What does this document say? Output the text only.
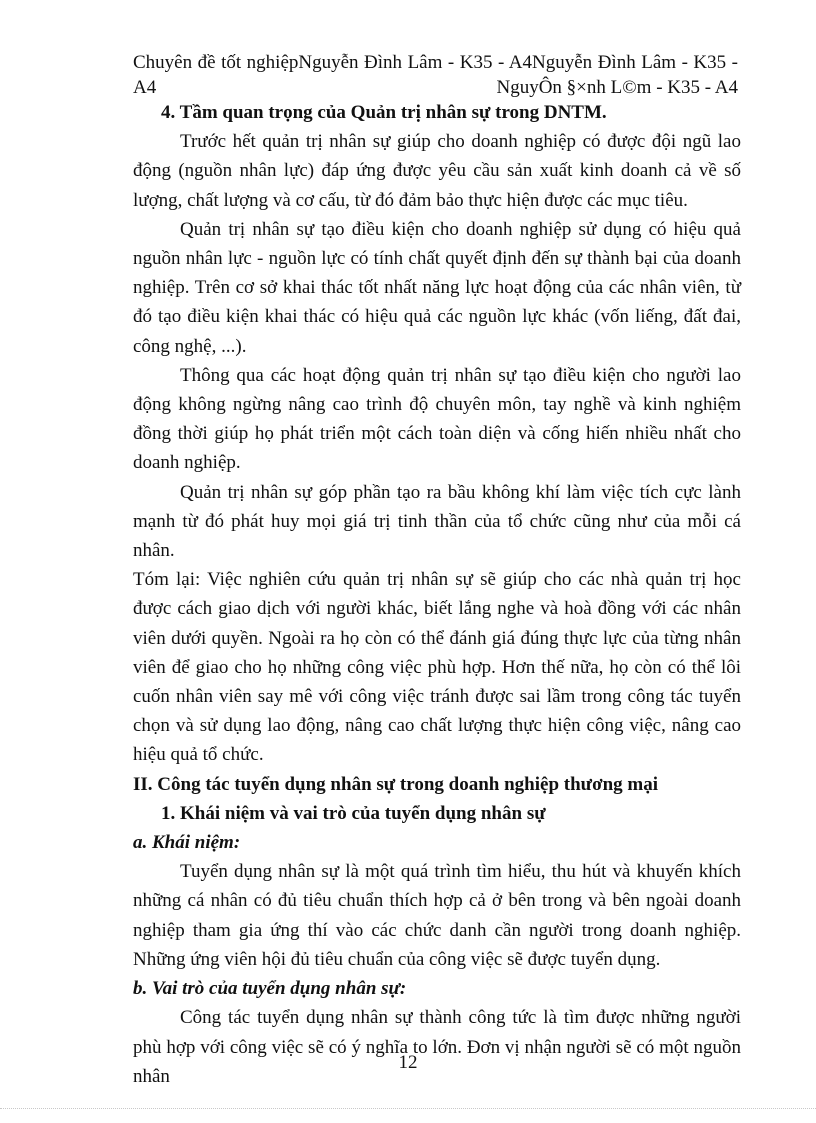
Chuyên đề tốt nghiệpNguyễn Đình Lâm - K35 - A4Nguyễn Đình Lâm - K35 -
A4	NguyÔn §×nh L©m - K35 - A4

4. Tầm quan trọng của Quản trị nhân sự trong DNTM.

Trước hết quản trị nhân sự giúp cho doanh nghiệp có được đội ngũ lao động (nguồn nhân lực) đáp ứng được yêu cầu sản xuất kinh doanh cả về số lượng, chất lượng và cơ cấu, từ đó đảm bảo thực hiện được các mục tiêu.

Quản trị nhân sự tạo điều kiện cho doanh nghiệp sử dụng có hiệu quả nguồn nhân lực - nguồn lực có tính chất quyết định đến sự thành bại của doanh nghiệp. Trên cơ sở khai thác tốt nhất năng lực hoạt động của các nhân viên, từ đó tạo điều kiện khai thác có hiệu quả các nguồn lực khác (vốn liếng, đất đai, công nghệ, ...).

Thông qua các hoạt động quản trị nhân sự tạo điều kiện cho người lao động không ngừng nâng cao trình độ chuyên môn, tay nghề và kinh nghiệm đồng thời giúp họ phát triển một cách toàn diện và cống hiến nhiều nhất cho doanh nghiệp.

Quản trị nhân sự góp phần tạo ra bầu không khí làm việc tích cực lành mạnh từ đó phát huy mọi giá trị tinh thần của tổ chức cũng như của mỗi cá nhân.

Tóm lại: Việc nghiên cứu quản trị nhân sự sẽ giúp cho các nhà quản trị học được cách giao dịch với người khác, biết lắng nghe và hoà đồng với các nhân viên dưới quyền. Ngoài ra họ còn có thể đánh giá đúng thực lực của từng nhân viên để giao cho họ những công việc phù hợp. Hơn thế nữa, họ còn có thể lôi cuốn nhân viên say mê với công việc tránh được sai lầm trong công tác tuyển chọn và sử dụng lao động, nâng cao chất lượng thực hiện công việc, nâng cao hiệu quả tổ chức.

II. Công tác tuyển dụng nhân sự trong doanh nghiệp thương mại

1. Khái niệm và vai trò của tuyển dụng nhân sự

a. Khái niệm:

Tuyển dụng nhân sự là một quá trình tìm hiểu, thu hút và khuyến khích những cá nhân có đủ tiêu chuẩn thích hợp cả ở bên trong và bên ngoài doanh nghiệp tham gia ứng thí vào các chức danh cần người trong doanh nghiệp. Những ứng viên hội đủ tiêu chuẩn của công việc sẽ được tuyển dụng.

b. Vai trò của tuyển dụng nhân sự:

Công tác tuyển dụng nhân sự thành công tức là tìm được những người phù hợp với công việc sẽ có ý nghĩa to lớn. Đơn vị nhận người sẽ có một nguồn nhân

12
